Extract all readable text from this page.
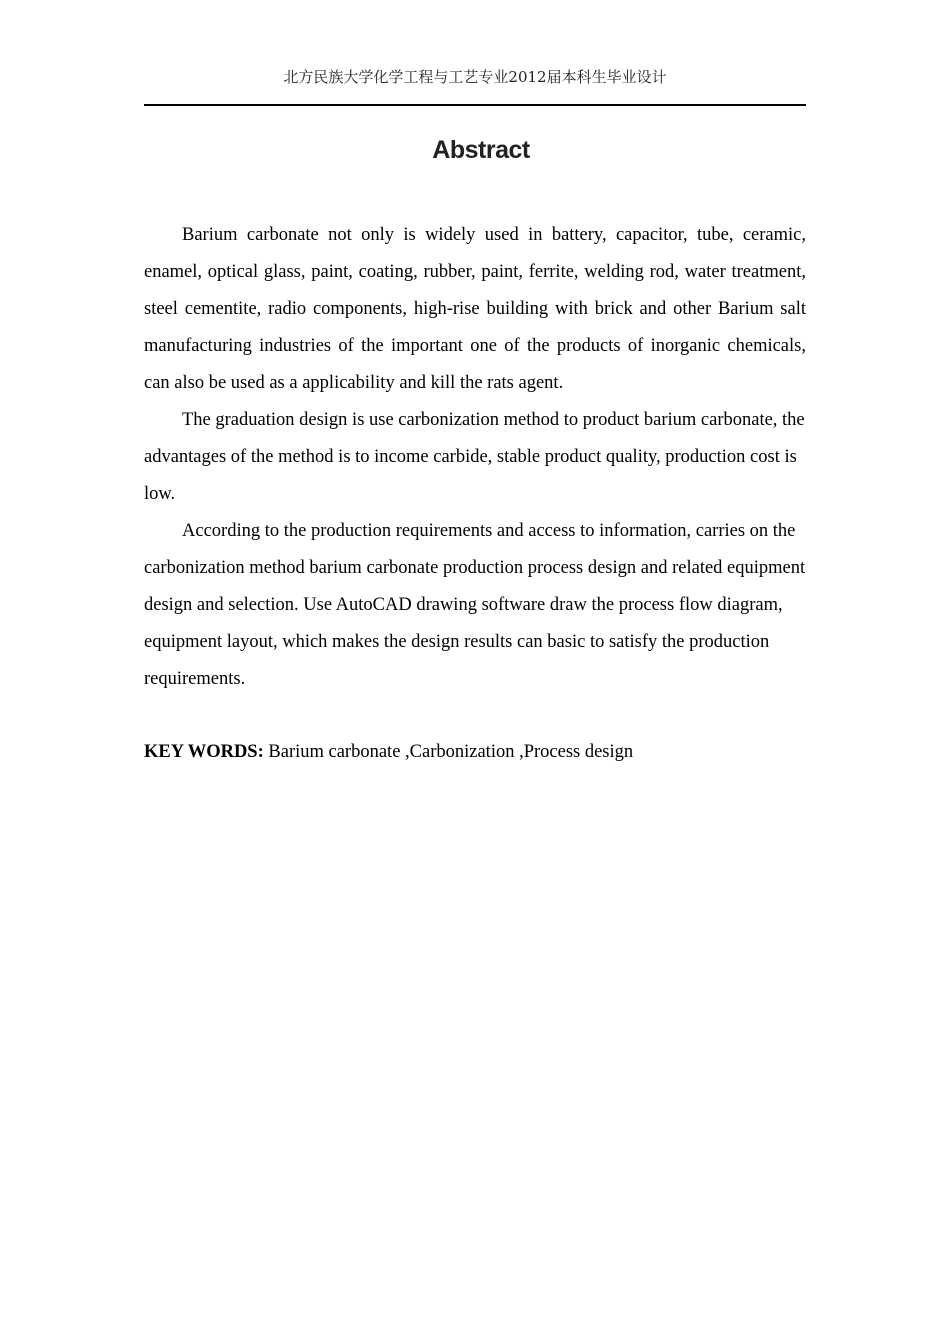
北方民族大学化学工程与工艺专业2012届本科生毕业设计
Abstract

Barium carbonate not only is widely used in battery, capacitor, tube, ceramic, enamel, optical glass, paint, coating, rubber, paint, ferrite, welding rod, water treatment, steel cementite, radio components, high-rise building with brick and other Barium salt manufacturing industries of the important one of the products of inorganic chemicals, can also be used as a applicability and kill the rats agent.

The graduation design is use carbonization method to product barium carbonate, the advantages of the method is to income carbide, stable product quality, production cost is low.

According to the production requirements and access to information, carries on the carbonization method barium carbonate production process design and related equipment design and selection. Use AutoCAD drawing software draw the process flow diagram, equipment layout, which makes the design results can basic to satisfy the production requirements.

KEY WORDS: Barium carbonate ,Carbonization ,Process design
